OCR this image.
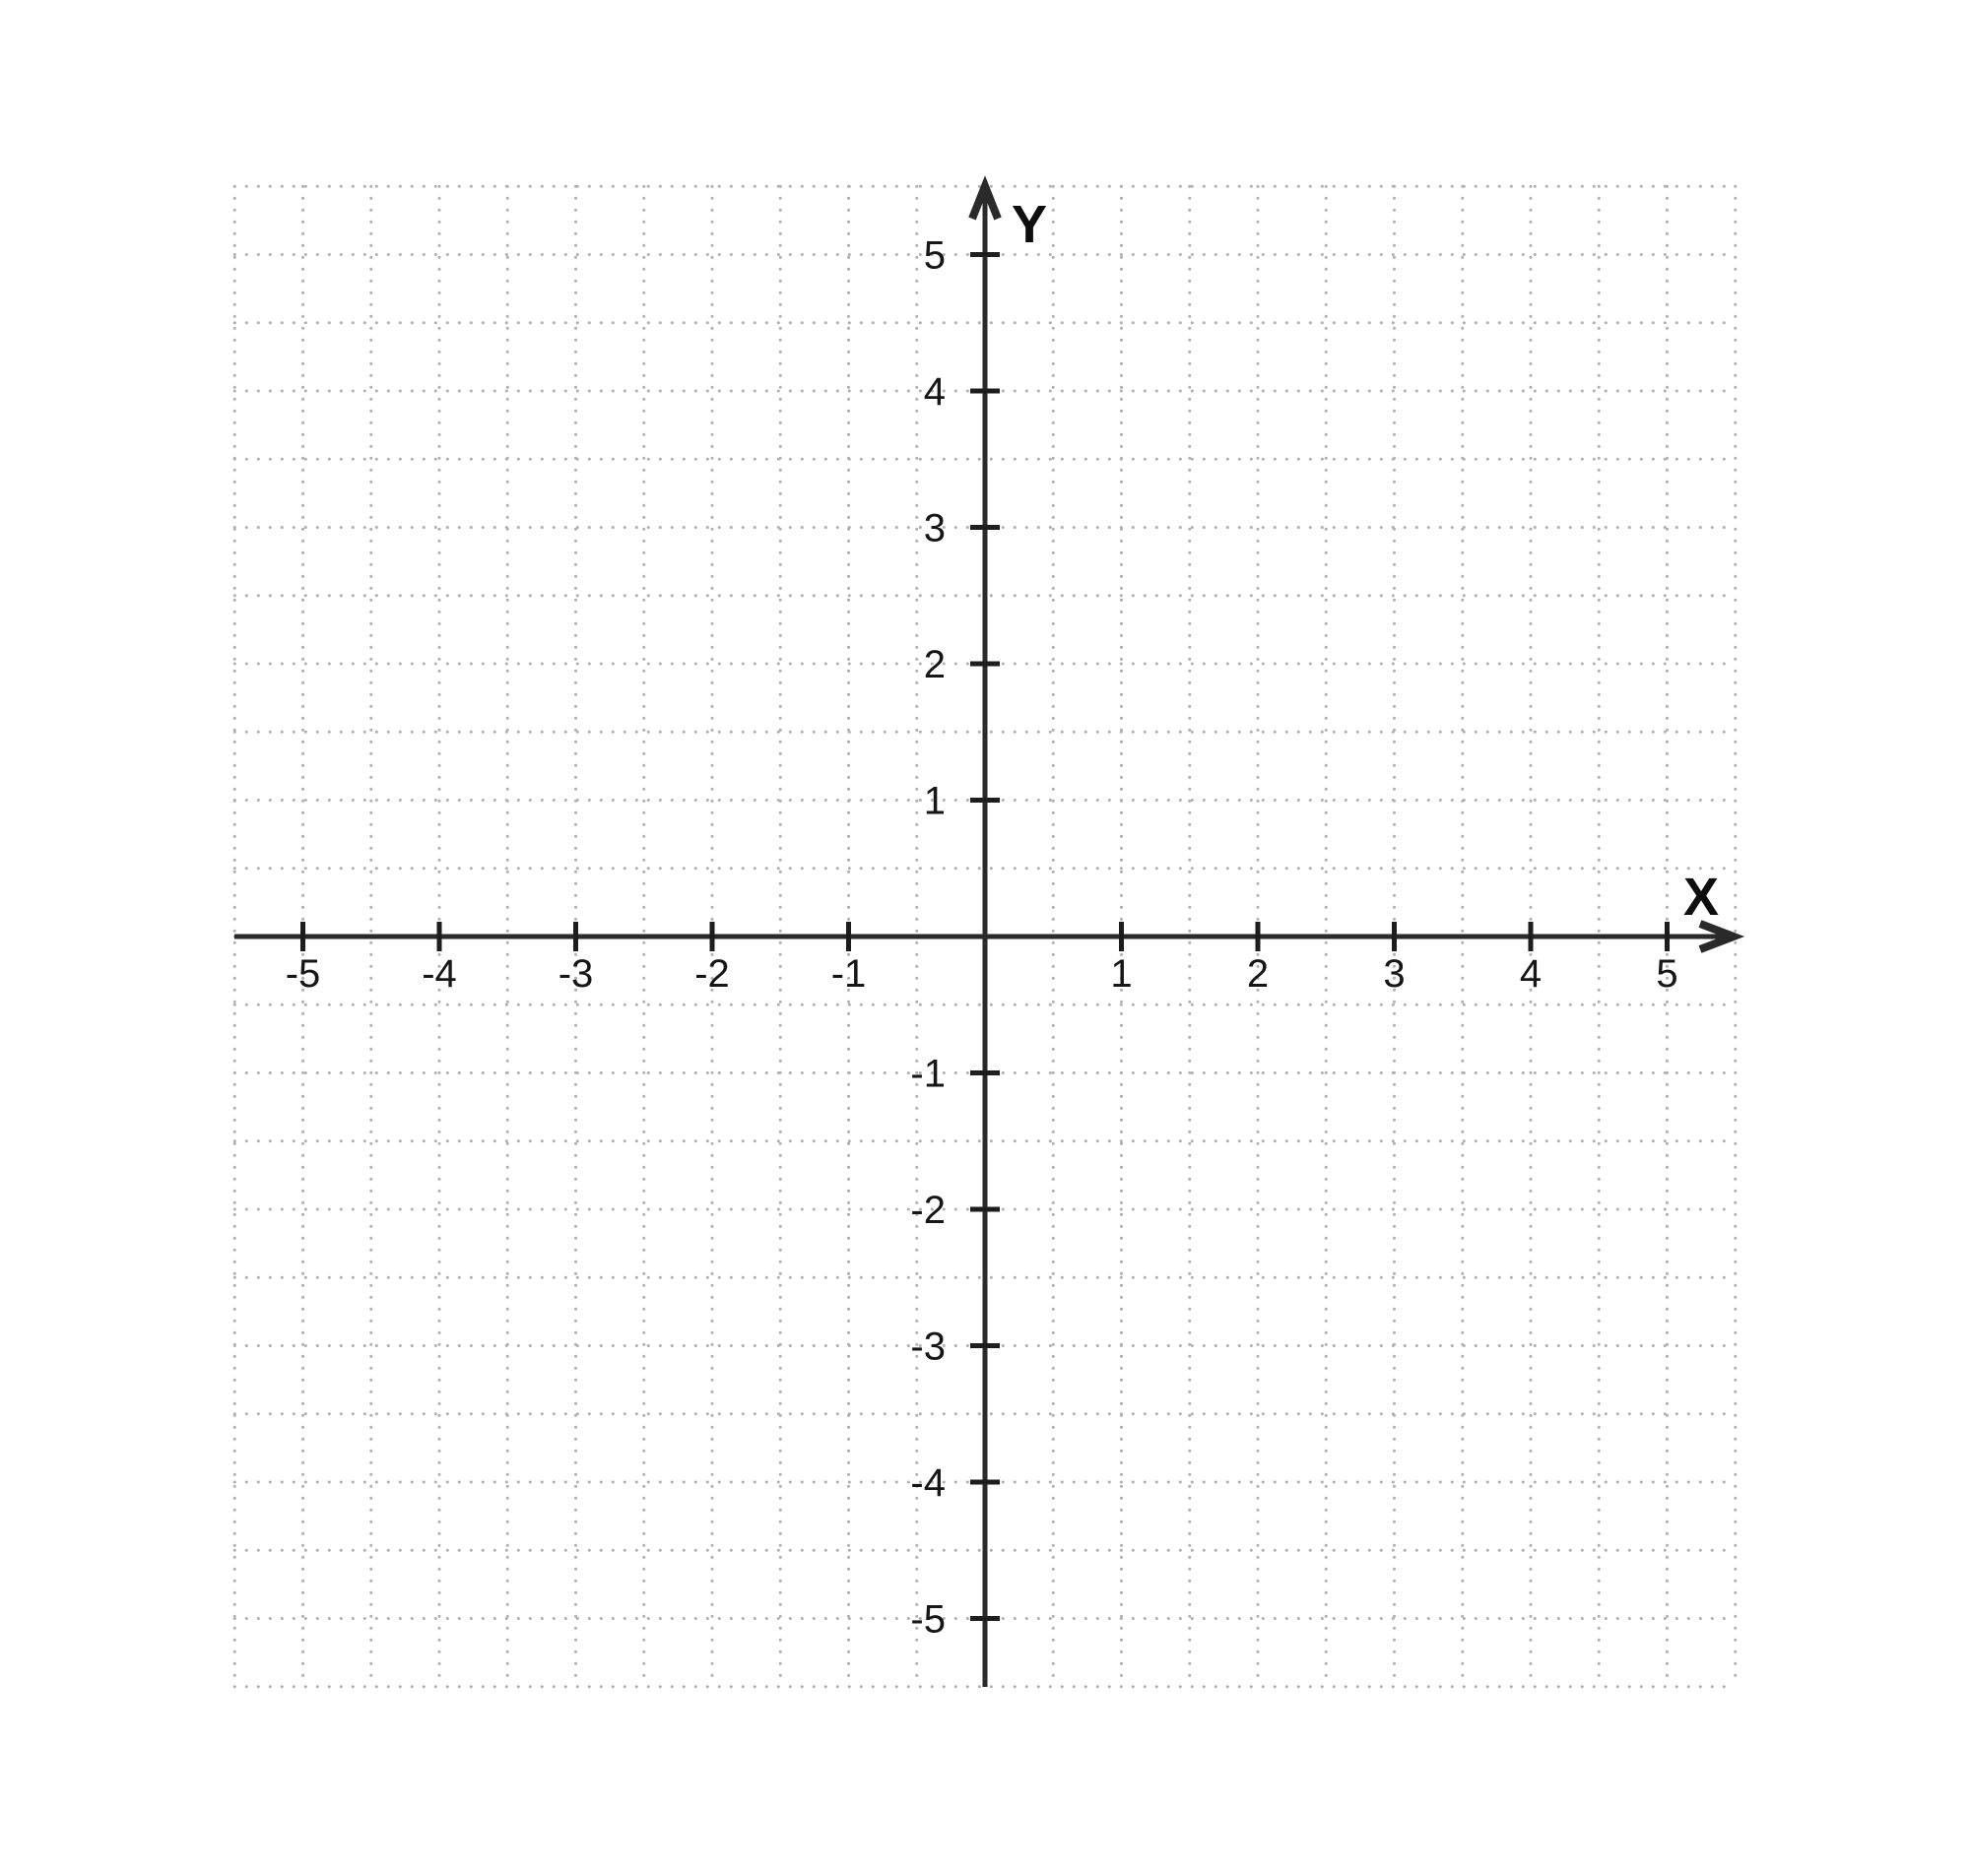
-5	-4	-3	-2	-1	1	2	3	4	5
-5
-4
-3
-2
-1
1
2
3
4
5
X
Y
